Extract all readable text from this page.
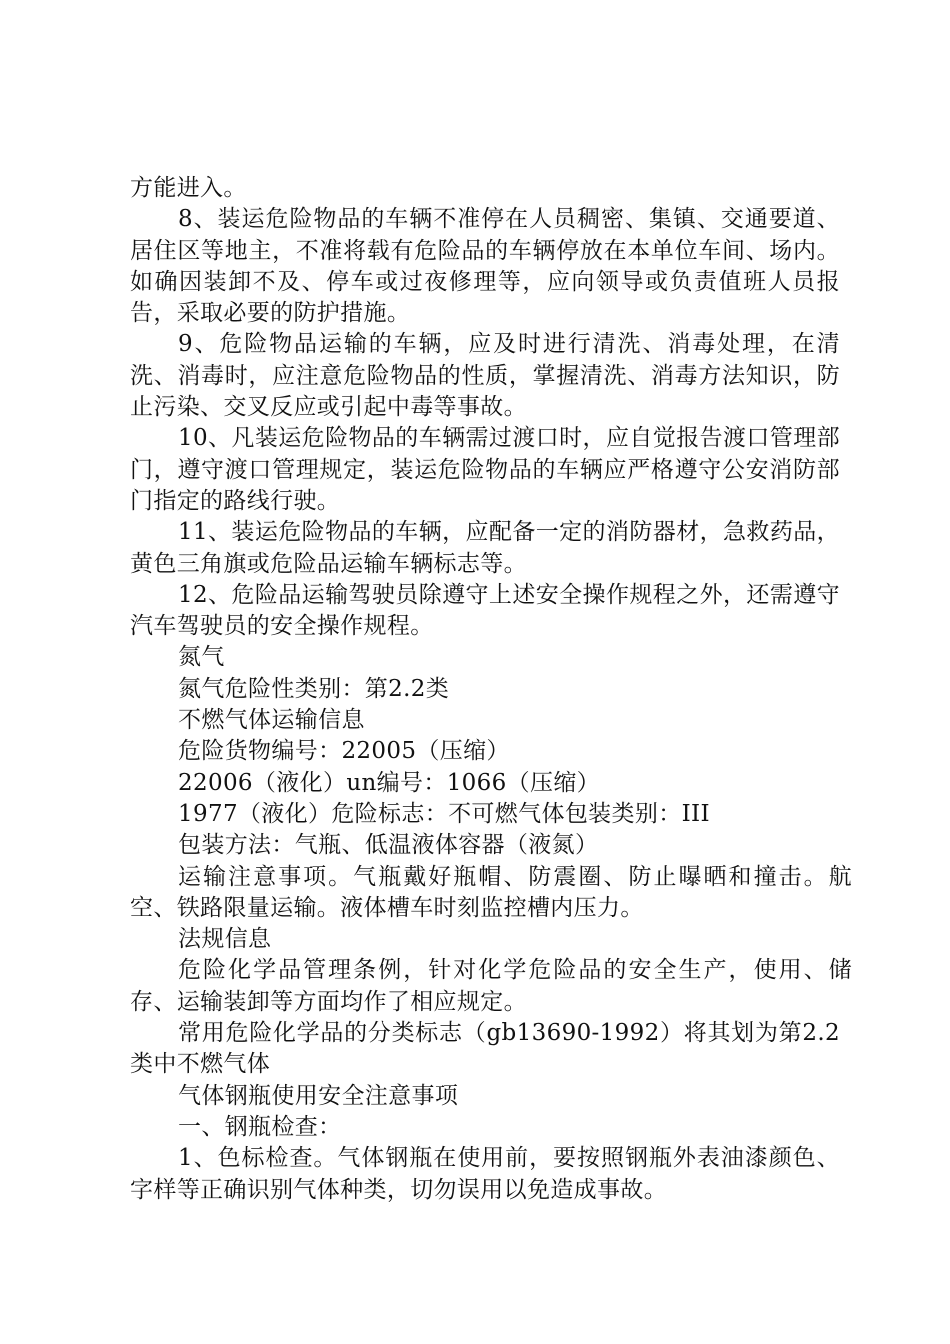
方能进入。

8、装运危险物品的车辆不准停在人员稠密、集镇、交通要道、居住区等地主，不准将载有危险品的车辆停放在本单位车间、场内。如确因装卸不及、停车或过夜修理等，应向领导或负责值班人员报告，采取必要的防护措施。

9、危险物品运输的车辆，应及时进行清洗、消毒处理，在清洗、消毒时，应注意危险物品的性质，掌握清洗、消毒方法知识，防止污染、交叉反应或引起中毒等事故。

10、凡装运危险物品的车辆需过渡口时，应自觉报告渡口管理部门，遵守渡口管理规定，装运危险物品的车辆应严格遵守公安消防部门指定的路线行驶。

11、装运危险物品的车辆，应配备一定的消防器材，急救药品，黄色三角旗或危险品运输车辆标志等。

12、危险品运输驾驶员除遵守上述安全操作规程之外，还需遵守汽车驾驶员的安全操作规程。

氮气

氮气危险性类别：第2.2类

不燃气体运输信息

危险货物编号：22005（压缩）

22006（液化）un编号：1066（压缩）

1977（液化）危险标志：不可燃气体包装类别：III

包装方法：气瓶、低温液体容器（液氮）

运输注意事项。气瓶戴好瓶帽、防震圈、防止曝晒和撞击。航空、铁路限量运输。液体槽车时刻监控槽内压力。

法规信息

危险化学品管理条例，针对化学危险品的安全生产，使用、储存、运输装卸等方面均作了相应规定。

常用危险化学品的分类标志（gb13690-1992）将其划为第2.2类中不燃气体

气体钢瓶使用安全注意事项

一、钢瓶检查：

1、色标检查。气体钢瓶在使用前，要按照钢瓶外表油漆颜色、字样等正确识别气体种类，切勿误用以免造成事故。
